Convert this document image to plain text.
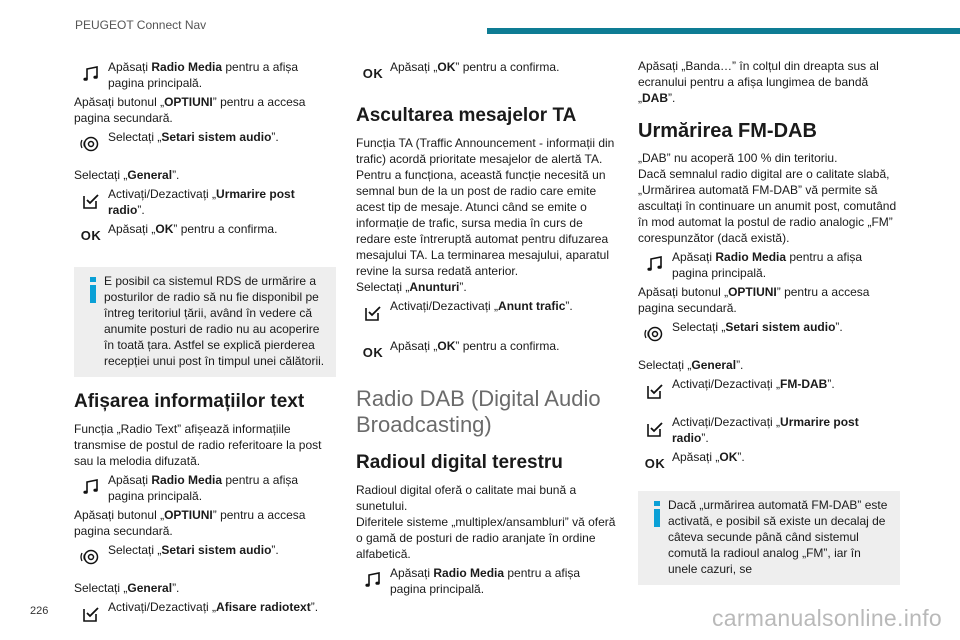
PEUGEOT Connect Nav
Apăsați Radio Media pentru a afișa pagina principală.

Apăsați butonul „OPTIUNI” pentru a accesa pagina secundară.

Selectați „Setari sistem audio”.

Selectați „General”.

Activați/Dezactivați „Urmarire post radio”.
OK Apăsați „OK” pentru a confirma.
E posibil ca sistemul RDS de urmărire a posturilor de radio să nu fie disponibil pe întreg teritoriul țării, având în vedere că anumite posturi de radio nu au acoperire în toată țara. Astfel se explică pierderea recepției unui post în timpul unei călătorii.
Afișarea informațiilor text

Funcția „Radio Text” afișează informațiile transmise de postul de radio referitoare la post sau la melodia difuzată.

Apăsați Radio Media pentru a afișa pagina principală.

Apăsați butonul „OPTIUNI” pentru a accesa pagina secundară.

Selectați „Setari sistem audio”.

Selectați „General”.

Activați/Dezactivați „Afisare radiotext”.
OK Apăsați „OK” pentru a confirma.
Ascultarea mesajelor TA

Funcția TA (Traffic Announcement - informații din trafic) acordă prioritate mesajelor de alertă TA. Pentru a funcționa, această funcție necesită un semnal bun de la un post de radio care emite acest tip de mesaje. Atunci când se emite o informație de trafic, sursa media în curs de redare este întreruptă automat pentru difuzarea mesajului TA. La terminarea mesajului, aparatul revine la sursa redată anterior.

Selectați „Anunturi”.

Activați/Dezactivați „Anunt trafic”.
OK Apăsați „OK” pentru a confirma.
Radio DAB (Digital Audio Broadcasting)
Radioul digital terestru

Radioul digital oferă o calitate mai bună a sunetului.

Diferitele sisteme „multiplex/ansambluri” vă oferă o gamă de posturi de radio aranjate în ordine alfabetică.

Apăsați Radio Media pentru a afișa pagina principală.

Apăsați „Banda…” în colțul din dreapta sus al ecranului pentru a afișa lungimea de bandă „DAB”.

Urmărirea FM-DAB

„DAB” nu acoperă 100 % din teritoriu.

Dacă semnalul radio digital are o calitate slabă, „Urmărirea automată FM-DAB” vă permite să ascultați în continuare un anumit post, comutând în mod automat la postul de radio analogic „FM” corespunzător (dacă există).

Apăsați Radio Media pentru a afișa pagina principală.

Apăsați butonul „OPTIUNI” pentru a accesa pagina secundară.

Selectați „Setari sistem audio”.

Selectați „General”.

Activați/Dezactivați „FM-DAB”.
Activați/Dezactivați „Urmarire post radio”.
OK Apăsați „OK”.
Dacă „urmărirea automată FM-DAB” este activată, e posibil să existe un decalaj de câteva secunde până când sistemul comută la radioul analog „FM”, iar în unele cazuri, se
226	carmanualsonline.info
